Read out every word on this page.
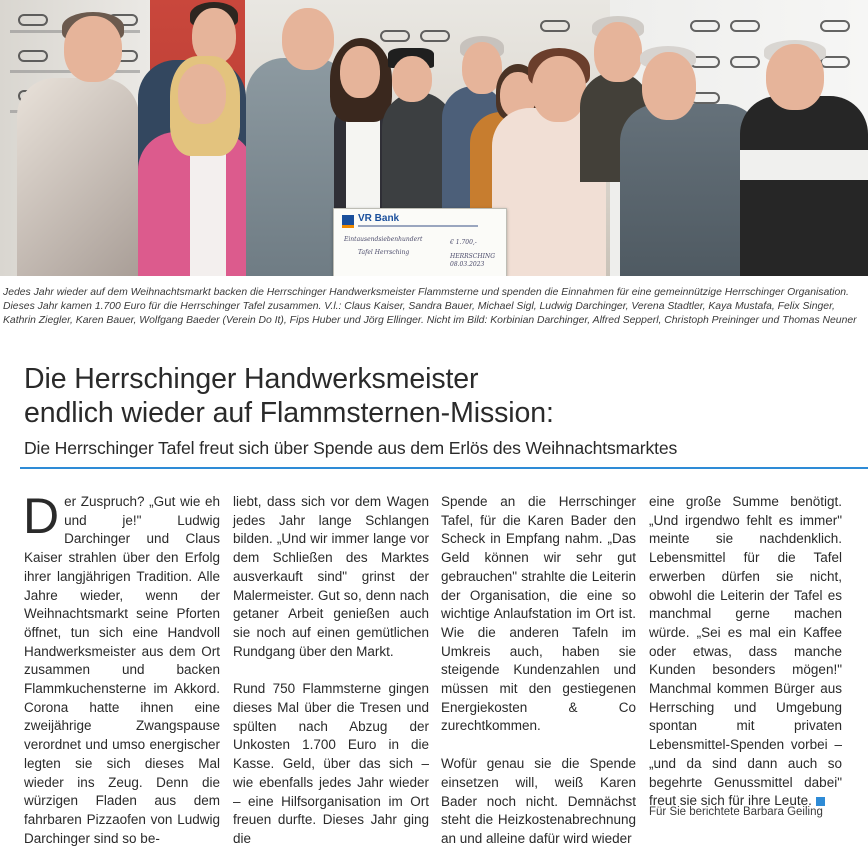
VR Bank
Eintausendsiebenhundert
Tafel Herrsching
€ 1.700,-
HERRSCHING
08.03.2023
Jedes Jahr wieder auf dem Weihnachtsmarkt backen die Herrschinger Handwerksmeister Flammsterne und spenden die Einnahmen für eine gemeinnützige Herrschinger Organisation. Dieses Jahr kamen 1.700 Euro für die Herrschinger Tafel zusammen. V.l.: Claus Kaiser, Sandra Bauer, Michael Sigl, Ludwig Darchinger, Verena Stadtler, Kaya Mustafa, Felix Singer, Kathrin Ziegler, Karen Bauer, Wolfgang Baeder (Verein Do It), Fips Huber und Jörg Ellinger. Nicht im Bild: Korbinian Darchinger, Alfred Sepperl, Christoph Preininger und Thomas Neuner
Die Herrschinger Handwerksmeister
endlich wieder auf Flammsternen-Mission:
Die Herrschinger Tafel freut sich über Spende aus dem Erlös des Weihnachtsmarktes

Der Zuspruch? „Gut wie eh und je!" Ludwig Darchinger und Claus Kaiser strahlen über den Erfolg ihrer langjährigen Tradition. Alle Jahre wieder, wenn der Weihnachtsmarkt seine Pforten öffnet, tun sich eine Handvoll Handwerksmeister aus dem Ort zusammen und backen Flammkuchensterne im Akkord. Corona hatte ihnen eine zweijährige Zwangspause verordnet und umso energischer legten sie sich dieses Mal wieder ins Zeug. Denn die würzigen Fladen aus dem fahrbaren Pizzaofen von Ludwig Darchinger sind so be-

liebt, dass sich vor dem Wagen jedes Jahr lange Schlangen bilden. „Und wir immer lange vor dem Schließen des Marktes ausverkauft sind" grinst der Malermeister. Gut so, denn nach getaner Arbeit genießen auch sie noch auf einen gemütlichen Rundgang über den Markt.

Rund 750 Flammsterne gingen dieses Mal über die Tresen und spülten nach Abzug der Unkosten 1.700 Euro in die Kasse. Geld, über das sich – wie ebenfalls jedes Jahr wieder – eine Hilfsorganisation im Ort freuen durfte. Dieses Jahr ging die

Spende an die Herrschinger Tafel, für die Karen Bader den Scheck in Empfang nahm. „Das Geld können wir sehr gut gebrauchen" strahlte die Leiterin der Organisation, die eine so wichtige Anlaufstation im Ort ist. Wie die anderen Tafeln im Umkreis auch, haben sie steigende Kundenzahlen und müssen mit den gestiegenen Energiekosten & Co zurechtkommen.

Wofür genau sie die Spende einsetzen will, weiß Karen Bader noch nicht. Demnächst steht die Heizkostenabrechnung an und alleine dafür wird wieder

eine große Summe benötigt. „Und irgendwo fehlt es immer" meinte sie nachdenklich. Lebensmittel für die Tafel erwerben dürfen sie nicht, obwohl die Leiterin der Tafel es manchmal gerne machen würde. „Sei es mal ein Kaffee oder etwas, dass manche Kunden besonders mögen!" Manchmal kommen Bürger aus Herrsching und Umgebung spontan mit privaten Lebensmittel-Spenden vorbei – „und da sind dann auch so begehrte Genussmittel dabei" freut sie sich für ihre Leute.

Für Sie berichtete Barbara Geiling
